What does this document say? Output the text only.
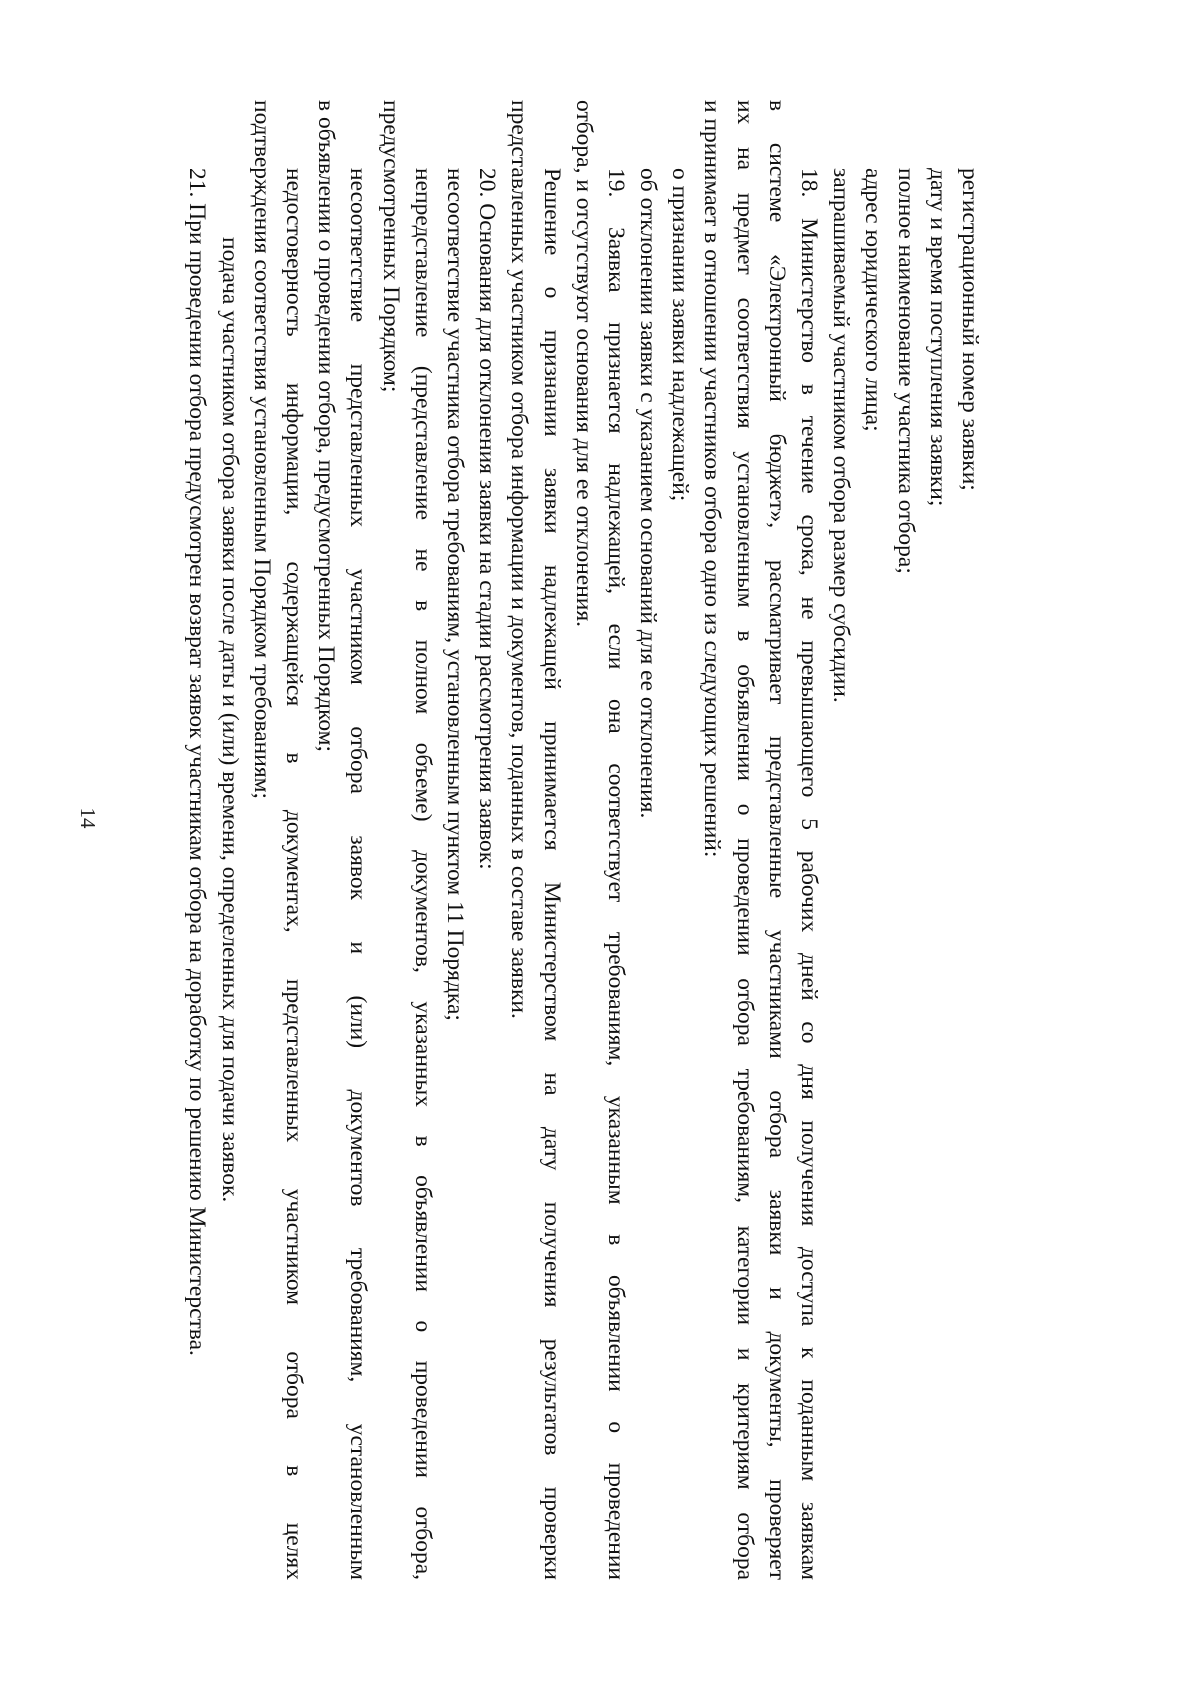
14
регистрационный номер заявки;
дату и время поступления заявки;
полное наименование участника отбора;
адрес юридического лица;
запрашиваемый участником отбора размер субсидии.
18. Министерство в течение срока, не превышающего 5 рабочих дней со дня получения доступа к поданным заявкам
в системе «Электронный бюджет», рассматривает представленные участниками отбора заявки и документы, проверяет
их на предмет соответствия установленным в объявлении о проведении отбора требованиям, категории и критериям отбора
и принимает в отношении участников отбора одно из следующих решений:
о признании заявки надлежащей;
об отклонении заявки с указанием оснований для ее отклонения.
19. Заявка признается надлежащей, если она соответствует требованиям, указанным в объявлении о проведении
отбора, и отсутствуют основания для ее отклонения.
Решение о признании заявки надлежащей принимается Министерством на дату получения результатов проверки
представленных участником отбора информации и документов, поданных в составе заявки.
20. Основания для отклонения заявки на стадии рассмотрения заявок:
несоответствие участника отбора требованиям, установленным пунктом 11 Порядка;
непредставление (представление не в полном объеме) документов, указанных в объявлении о проведении отбора,
предусмотренных Порядком;
несоответствие представленных участником отбора заявок и (или) документов требованиям, установленным
в объявлении о проведении отбора, предусмотренных Порядком;
недостоверность информации, содержащейся в документах, представленных участником отбора в целях
подтверждения соответствия установленным Порядком требованиям;
подача участником отбора заявки после даты и (или) времени, определенных для подачи заявок.
21. При проведении отбора предусмотрен возврат заявок участникам отбора на доработку по решению Министерства.
